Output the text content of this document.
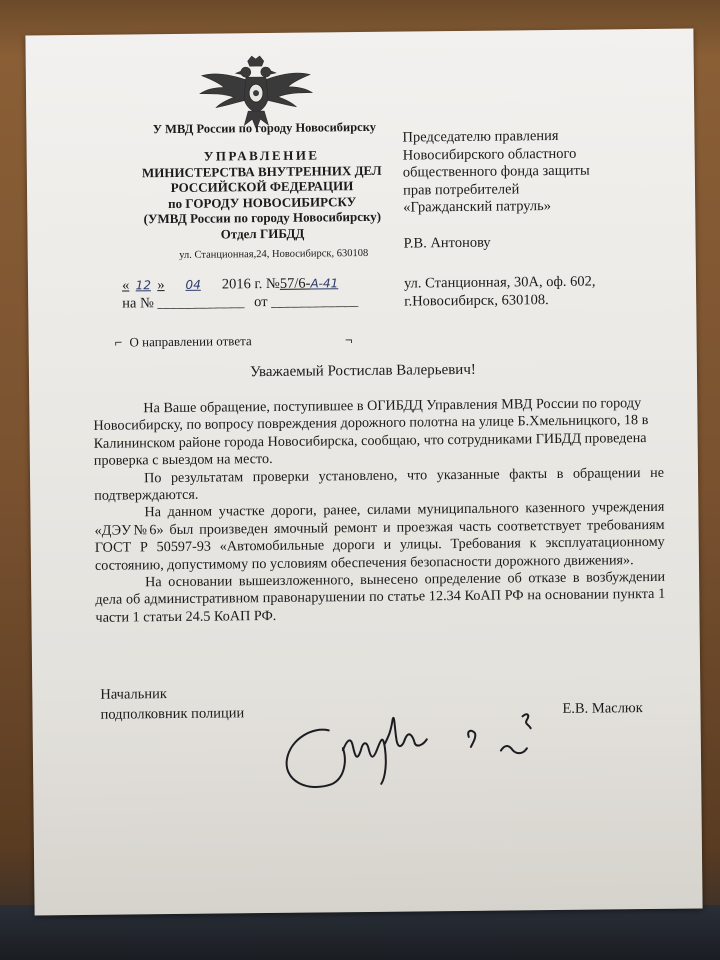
У МВД России по городу Новосибирску
УПРАВЛЕНИЕ
МИНИСТЕРСТВА ВНУТРЕННИХ ДЕЛ
РОССИЙСКОЙ ФЕДЕРАЦИИ
по ГОРОДУ НОВОСИБИРСКУ
(УМВД России по городу Новосибирску)
Отдел ГИБДД
ул. Станционная,24, Новосибирск, 630108
« 12 » 04 2016 г. №57/6-А-41
на № ____________ от ____________
⌐ О направлении ответа	¬
Председателю правления
Новосибирского областного
общественного фонда защиты
прав потребителей
«Гражданский патруль»
Р.В. Антонову
ул. Станционная, 30А, оф. 602,
г.Новосибирск, 630108.
Уважаемый Ростислав Валерьевич!

На Ваше обращение, поступившее в ОГИБДД Управления МВД России по городу Новосибирску, по вопросу повреждения дорожного полотна на улице Б.Хмельницкого, 18 в Калининском районе города Новосибирска, сообщаю, что сотрудниками ГИБДД проведена проверка с выездом на место.

По результатам проверки установлено, что указанные факты в обращении не подтверждаются.

На данном участке дороги, ранее, силами муниципального казенного учреждения «ДЭУ№6» был произведен ямочный ремонт и проезжая часть соответствует требованиям ГОСТ Р 50597-93 «Автомобильные дороги и улицы. Требования к эксплуатационному состоянию, допустимому по условиям обеспечения безопасности дорожного движения».

На основании вышеизложенного, вынесено определение об отказе в возбуждении дела об административном правонарушении по статье 12.34 КоАП РФ на основании пункта 1 части 1 статьи 24.5 КоАП РФ.

Начальник
подполковник полиции	Е.В. Маслюк
